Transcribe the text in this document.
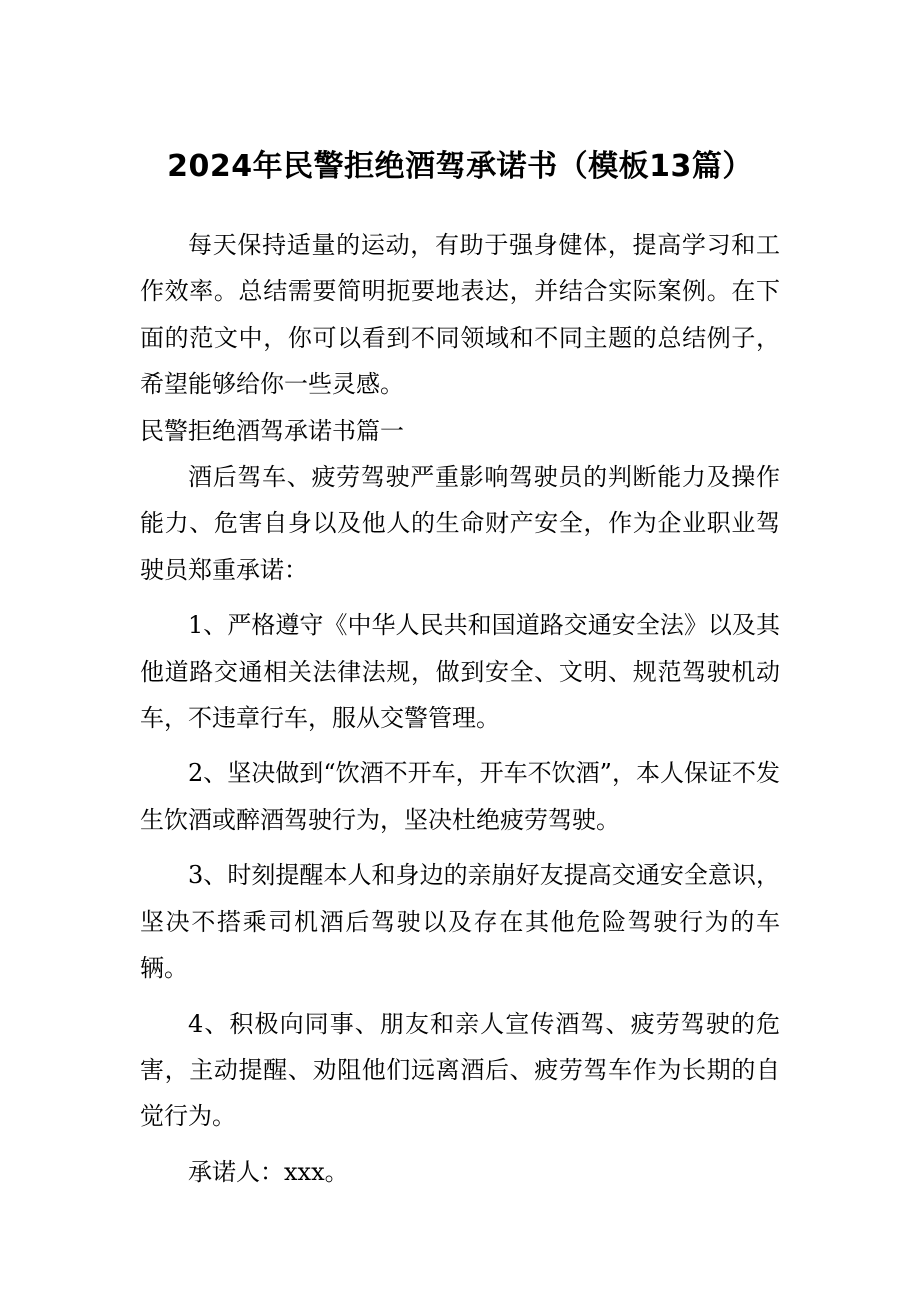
2024年民警拒绝酒驾承诺书（模板13篇）

每天保持适量的运动，有助于强身健体，提高学习和工作效率。总结需要简明扼要地表达，并结合实际案例。在下面的范文中，你可以看到不同领域和不同主题的总结例子，希望能够给你一些灵感。

民警拒绝酒驾承诺书篇一

酒后驾车、疲劳驾驶严重影响驾驶员的判断能力及操作能力、危害自身以及他人的生命财产安全，作为企业职业驾驶员郑重承诺：

1、严格遵守《中华人民共和国道路交通安全法》以及其他道路交通相关法律法规，做到安全、文明、规范驾驶机动车，不违章行车，服从交警管理。

2、坚决做到“饮酒不开车，开车不饮酒”，本人保证不发生饮酒或醉酒驾驶行为，坚决杜绝疲劳驾驶。

3、时刻提醒本人和身边的亲崩好友提高交通安全意识，坚决不搭乘司机酒后驾驶以及存在其他危险驾驶行为的车辆。

4、积极向同事、朋友和亲人宣传酒驾、疲劳驾驶的危害，主动提醒、劝阻他们远离酒后、疲劳驾车作为长期的自觉行为。

承诺人：xxx。
